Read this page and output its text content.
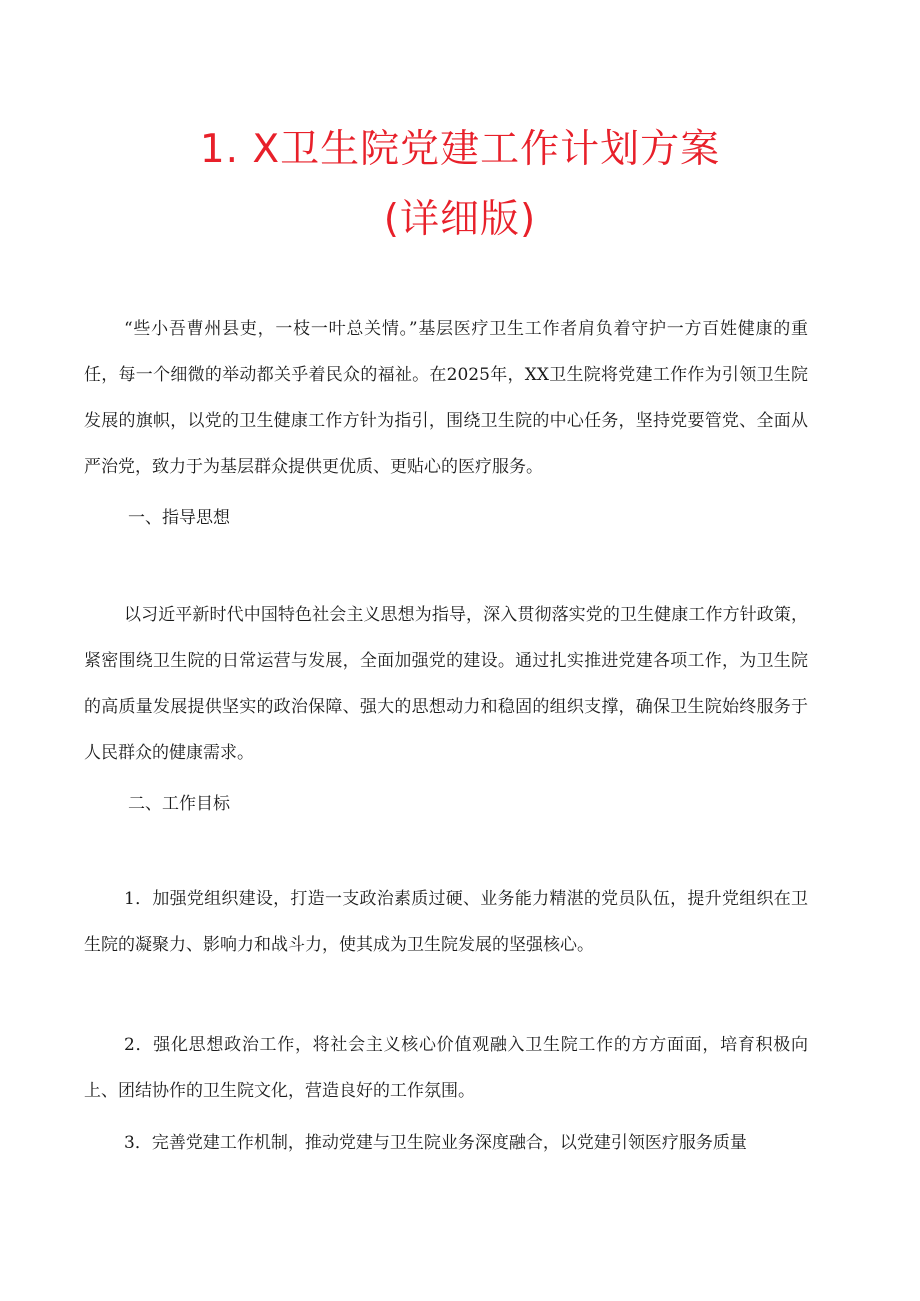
1. X卫生院党建工作计划方案
(详细版)

“些小吾曹州县吏，一枝一叶总关情。”基层医疗卫生工作者肩负着守护一方百姓健康的重任，每一个细微的举动都关乎着民众的福祉。在2025年，XX卫生院将党建工作作为引领卫生院发展的旗帜，以党的卫生健康工作方针为指引，围绕卫生院的中心任务，坚持党要管党、全面从严治党，致力于为基层群众提供更优质、更贴心的医疗服务。

一、指导思想

以习近平新时代中国特色社会主义思想为指导，深入贯彻落实党的卫生健康工作方针政策，紧密围绕卫生院的日常运营与发展，全面加强党的建设。通过扎实推进党建各项工作，为卫生院的高质量发展提供坚实的政治保障、强大的思想动力和稳固的组织支撑，确保卫生院始终服务于人民群众的健康需求。

二、工作目标

1．加强党组织建设，打造一支政治素质过硬、业务能力精湛的党员队伍，提升党组织在卫生院的凝聚力、影响力和战斗力，使其成为卫生院发展的坚强核心。

2．强化思想政治工作，将社会主义核心价值观融入卫生院工作的方方面面，培育积极向上、团结协作的卫生院文化，营造良好的工作氛围。

3．完善党建工作机制，推动党建与卫生院业务深度融合，以党建引领医疗服务质量
